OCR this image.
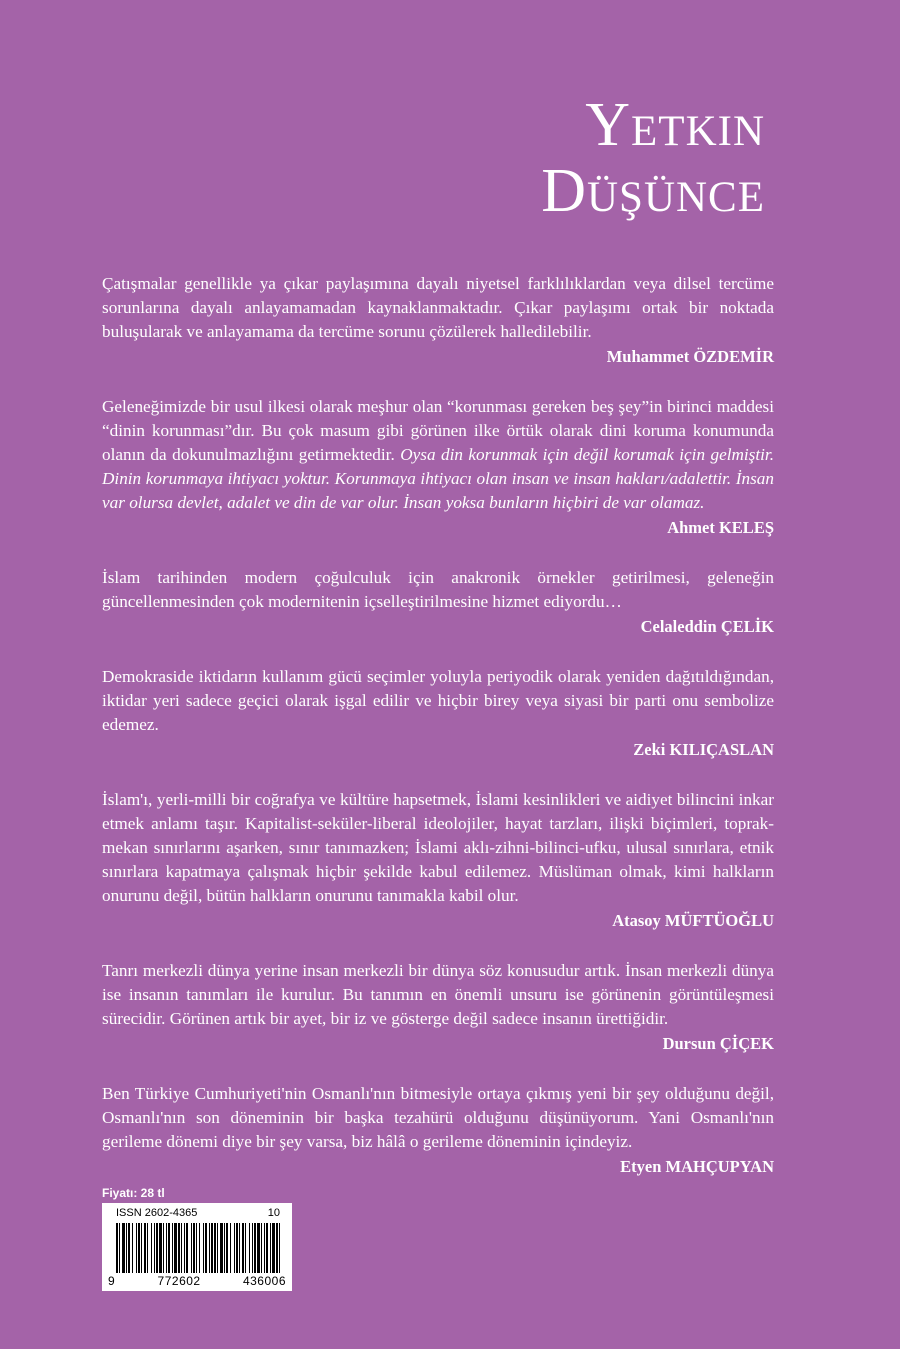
Yetkin
Düşünce

Çatışmalar genellikle ya çıkar paylaşımına dayalı niyetsel farklılıklardan veya dilsel tercüme sorunlarına dayalı anlayamamadan kaynaklanmaktadır. Çıkar paylaşımı ortak bir noktada buluşularak ve anlayamama da tercüme sorunu çözülerek halledilebilir.

Muhammet ÖZDEMİR

Geleneğimizde bir usul ilkesi olarak meşhur olan “korunması gereken beş şey”in birinci maddesi “dinin korunması”dır. Bu çok masum gibi görünen ilke örtük olarak dini koruma konumunda olanın da dokunulmazlığını getirmektedir. Oysa din korunmak için değil korumak için gelmiştir. Dinin korunmaya ihtiyacı yoktur. Korunmaya ihtiyacı olan insan ve insan hakları/adalettir. İnsan var olursa devlet, adalet ve din de var olur. İnsan yoksa bunların hiçbiri de var olamaz.

Ahmet KELEŞ

İslam tarihinden modern çoğulculuk için anakronik örnekler getirilmesi, geleneğin güncellenmesinden çok modernitenin içselleştirilmesine hizmet ediyordu…

Celaleddin ÇELİK

Demokraside iktidarın kullanım gücü seçimler yoluyla periyodik olarak yeniden dağıtıldığından, iktidar yeri sadece geçici olarak işgal edilir ve hiçbir birey veya siyasi bir parti onu sembolize edemez.

Zeki KILIÇASLAN

İslam'ı, yerli-milli bir coğrafya ve kültüre hapsetmek, İslami kesinlikleri ve aidiyet bilincini inkar etmek anlamı taşır. Kapitalist-seküler-liberal ideolojiler, hayat tarzları, ilişki biçimleri, toprak-mekan sınırlarını aşarken, sınır tanımazken; İslami aklı-zihni-bilinci-ufku, ulusal sınırlara, etnik sınırlara kapatmaya çalışmak hiçbir şekilde kabul edilemez. Müslüman olmak, kimi halkların onurunu değil, bütün halkların onurunu tanımakla kabil olur.

Atasoy MÜFTÜOĞLU

Tanrı merkezli dünya yerine insan merkezli bir dünya söz konusudur artık. İnsan merkezli dünya ise insanın tanımları ile kurulur. Bu tanımın en önemli unsuru ise görünenin görüntüleşmesi sürecidir. Görünen artık bir ayet, bir iz ve gösterge değil sadece insanın ürettiğidir.

Dursun ÇİÇEK

Ben Türkiye Cumhuriyeti'nin Osmanlı'nın bitmesiyle ortaya çıkmış yeni bir şey olduğunu değil, Osmanlı'nın son döneminin bir başka tezahürü olduğunu düşünüyorum. Yani Osmanlı'nın gerileme dönemi diye bir şey varsa, biz hâlâ o gerileme döneminin içindeyiz.

Etyen MAHÇUPYAN
Fiyatı: 28 tl
ISSN 2602-4365	10
9	772602	436006
